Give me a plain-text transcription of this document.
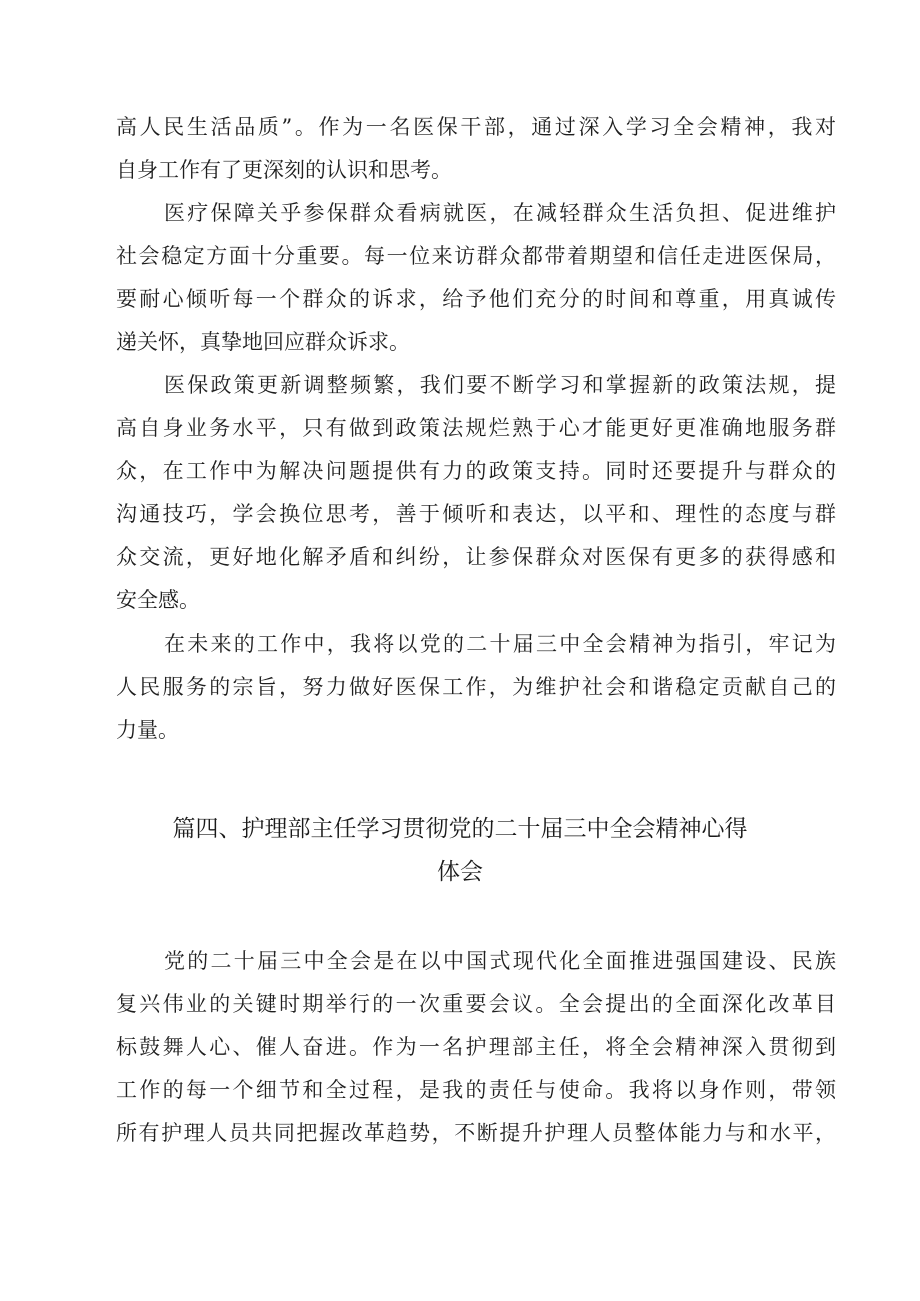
高人民生活品质”。作为一名医保干部，通过深入学习全会精神，我对
自身工作有了更深刻的认识和思考。
医疗保障关乎参保群众看病就医，在减轻群众生活负担、促进维护
社会稳定方面十分重要。每一位来访群众都带着期望和信任走进医保局，
要耐心倾听每一个群众的诉求，给予他们充分的时间和尊重，用真诚传
递关怀，真挚地回应群众诉求。
医保政策更新调整频繁，我们要不断学习和掌握新的政策法规，提
高自身业务水平，只有做到政策法规烂熟于心才能更好更准确地服务群
众，在工作中为解决问题提供有力的政策支持。同时还要提升与群众的
沟通技巧，学会换位思考，善于倾听和表达，以平和、理性的态度与群
众交流，更好地化解矛盾和纠纷，让参保群众对医保有更多的获得感和
安全感。
在未来的工作中，我将以党的二十届三中全会精神为指引，牢记为
人民服务的宗旨，努力做好医保工作，为维护社会和谐稳定贡献自己的
力量。
篇四、护理部主任学习贯彻党的二十届三中全会精神心得
体会
党的二十届三中全会是在以中国式现代化全面推进强国建设、民族
复兴伟业的关键时期举行的一次重要会议。全会提出的全面深化改革目
标鼓舞人心、催人奋进。作为一名护理部主任，将全会精神深入贯彻到
工作的每一个细节和全过程，是我的责任与使命。我将以身作则，带领
所有护理人员共同把握改革趋势，不断提升护理人员整体能力与和水平，
